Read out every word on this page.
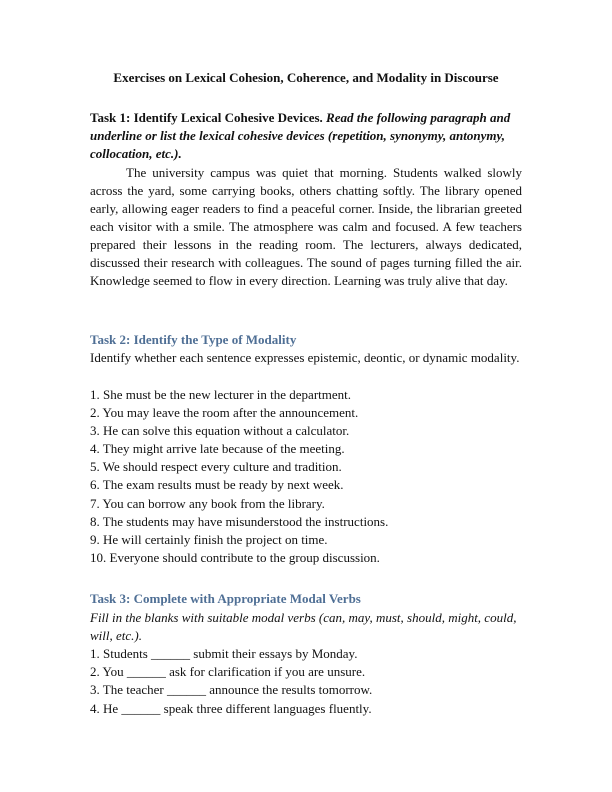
Exercises on Lexical Cohesion, Coherence, and Modality in Discourse
Task 1: Identify Lexical Cohesive Devices. Read the following paragraph and underline or list the lexical cohesive devices (repetition, synonymy, antonymy, collocation, etc.).
The university campus was quiet that morning. Students walked slowly across the yard, some carrying books, others chatting softly. The library opened early, allowing eager readers to find a peaceful corner. Inside, the librarian greeted each visitor with a smile. The atmosphere was calm and focused. A few teachers prepared their lessons in the reading room. The lecturers, always dedicated, discussed their research with colleagues. The sound of pages turning filled the air. Knowledge seemed to flow in every direction. Learning was truly alive that day.
Task 2: Identify the Type of Modality
Identify whether each sentence expresses epistemic, deontic, or dynamic modality.
1. She must be the new lecturer in the department.
2. You may leave the room after the announcement.
3. He can solve this equation without a calculator.
4. They might arrive late because of the meeting.
5. We should respect every culture and tradition.
6. The exam results must be ready by next week.
7. You can borrow any book from the library.
8. The students may have misunderstood the instructions.
9. He will certainly finish the project on time.
10. Everyone should contribute to the group discussion.
Task 3: Complete with Appropriate Modal Verbs
Fill in the blanks with suitable modal verbs (can, may, must, should, might, could, will, etc.).
1. Students ______ submit their essays by Monday.
2. You ______ ask for clarification if you are unsure.
3. The teacher ______ announce the results tomorrow.
4. He ______ speak three different languages fluently.
